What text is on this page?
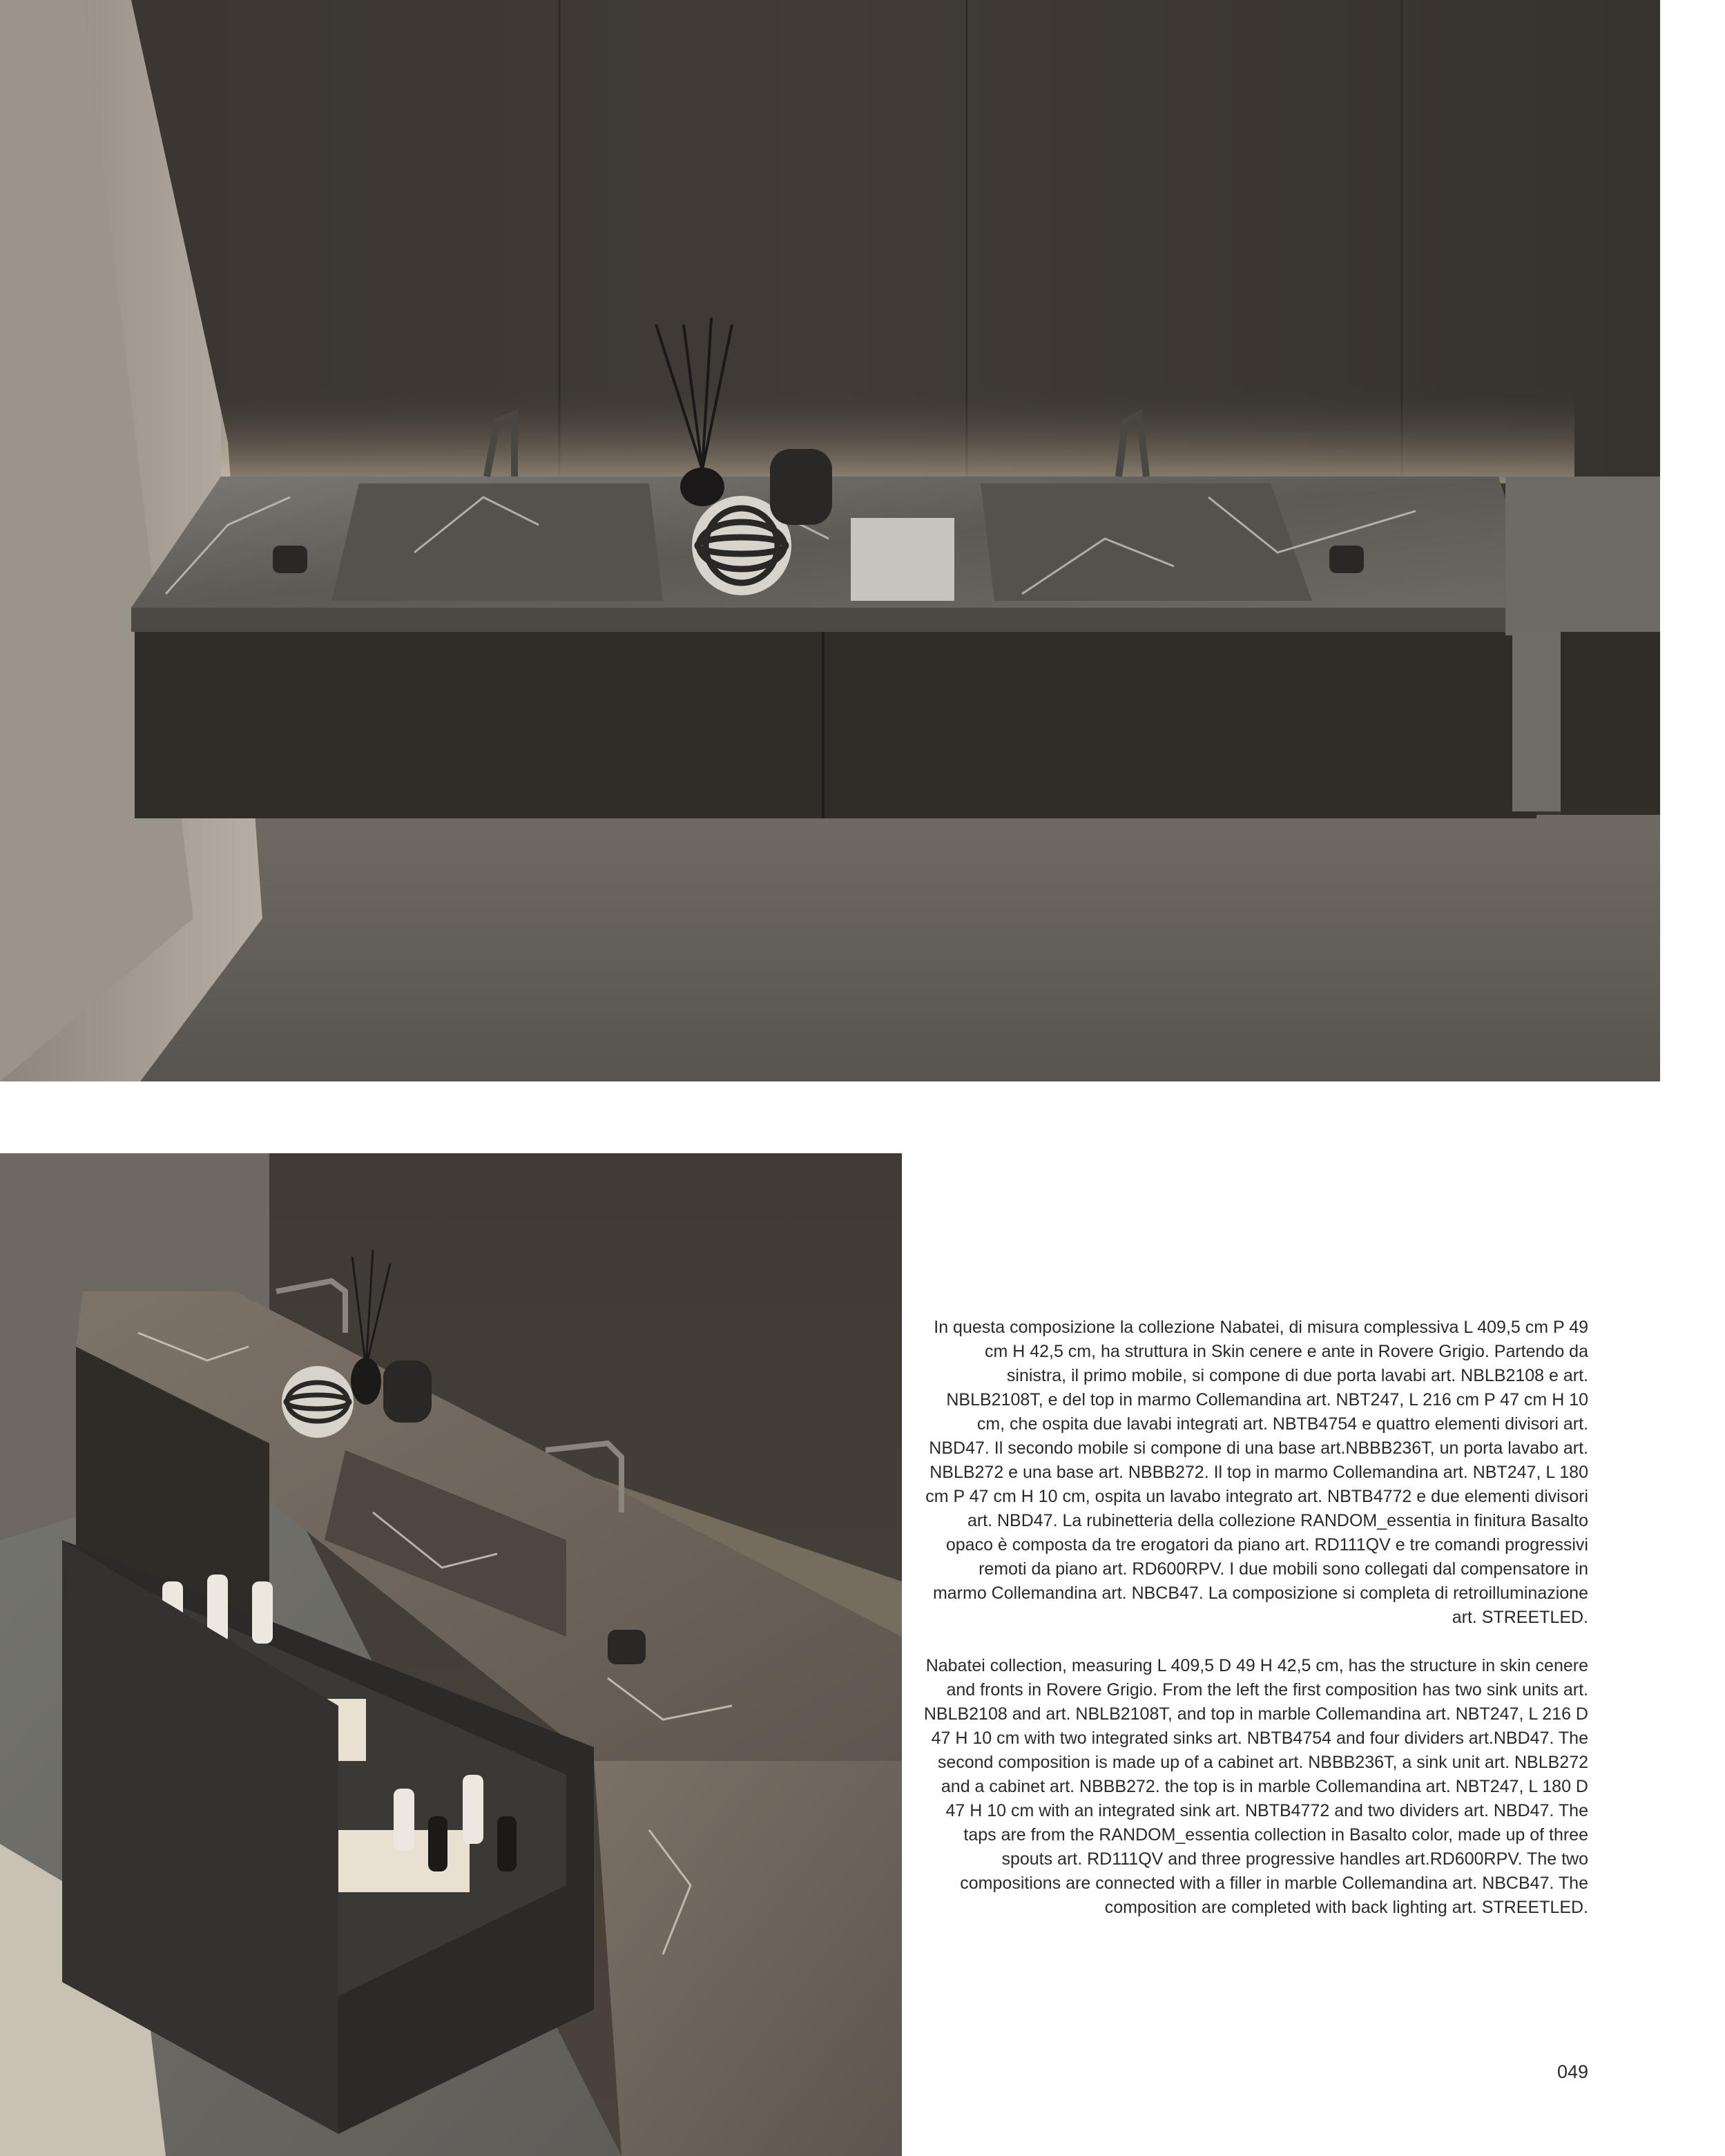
In questa composizione la collezione Nabatei, di misura complessiva L 409,5 cm P 49 cm H 42,5 cm, ha struttura in Skin cenere e ante in Rovere Grigio. Partendo da sinistra, il primo mobile, si compone di due porta lavabi art. NBLB2108 e art. NBLB2108T, e del top in marmo Collemandina art. NBT247, L 216 cm P 47 cm H 10 cm, che ospita due lavabi integrati art. NBTB4754 e quattro elementi divisori art. NBD47. Il secondo mobile si compone di una base art.NBBB236T, un porta lavabo art. NBLB272 e una base art. NBBB272. Il top in marmo Collemandina art. NBT247, L 180 cm P 47 cm H 10 cm, ospita un lavabo integrato art. NBTB4772 e due elementi divisori art. NBD47. La rubinetteria della collezione RANDOM_essentia in finitura Basalto opaco è composta da tre erogatori da piano art. RD111QV e tre comandi progressivi remoti da piano art. RD600RPV. I due mobili sono collegati dal compensatore in marmo Collemandina art. NBCB47. La composizione si completa di retroilluminazione art. STREETLED.

Nabatei collection, measuring L 409,5 D 49 H 42,5 cm, has the structure in skin cenere and fronts in Rovere Grigio. From the left the first composition has two sink units art. NBLB2108 and art. NBLB2108T, and top in marble Collemandina art. NBT247, L 216 D 47 H 10 cm with two integrated sinks art. NBTB4754 and four dividers art.NBD47. The second composition is made up of a cabinet art. NBBB236T, a sink unit art. NBLB272 and a cabinet art. NBBB272. the top is in marble Collemandina art. NBT247, L 180 D 47 H 10 cm with an integrated sink art. NBTB4772 and two dividers art. NBD47. The taps are from the RANDOM_essentia collection in Basalto color, made up of three spouts art. RD111QV and three progressive handles art.RD600RPV. The two compositions are connected with a filler in marble Collemandina art. NBCB47. The composition are completed with back lighting art. STREETLED.

049
